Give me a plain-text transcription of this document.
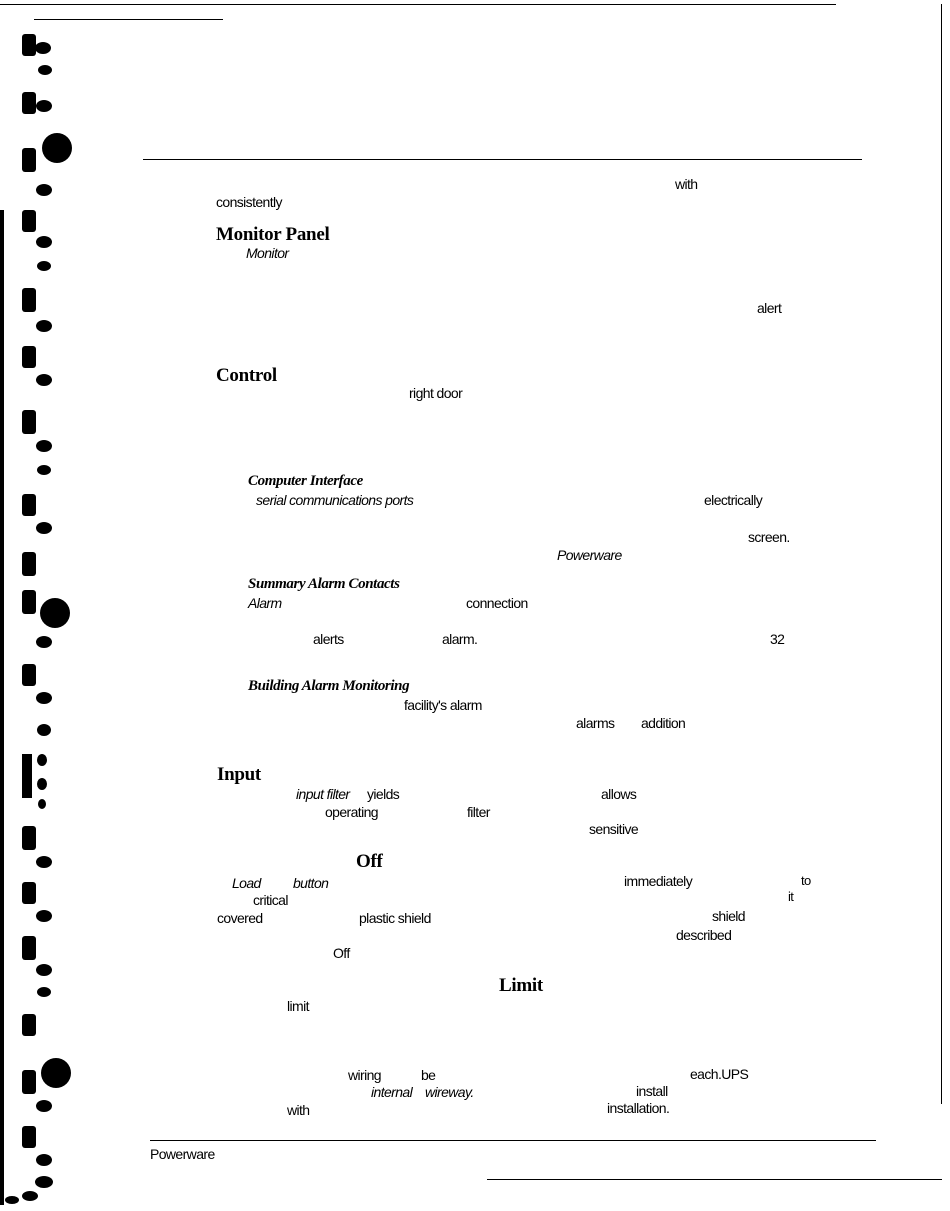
with
consistently
Monitor Panel
Monitor
alert
Control
right door
Computer Interface
serial communications ports	electrically
screen.
Powerware
Summary Alarm Contacts
Alarm	connection
alerts	alarm.	32
Building Alarm Monitoring
facility's alarm
alarms addition
Input
input filter yields	allows
operating	filter
sensitive
Off
Load button	immediately	to
critical	it
covered	plastic shield	shield
described
Off
Limit
limit
wiring	be	each.UPS
internal wireway.	install
with	installation.
Powerware
